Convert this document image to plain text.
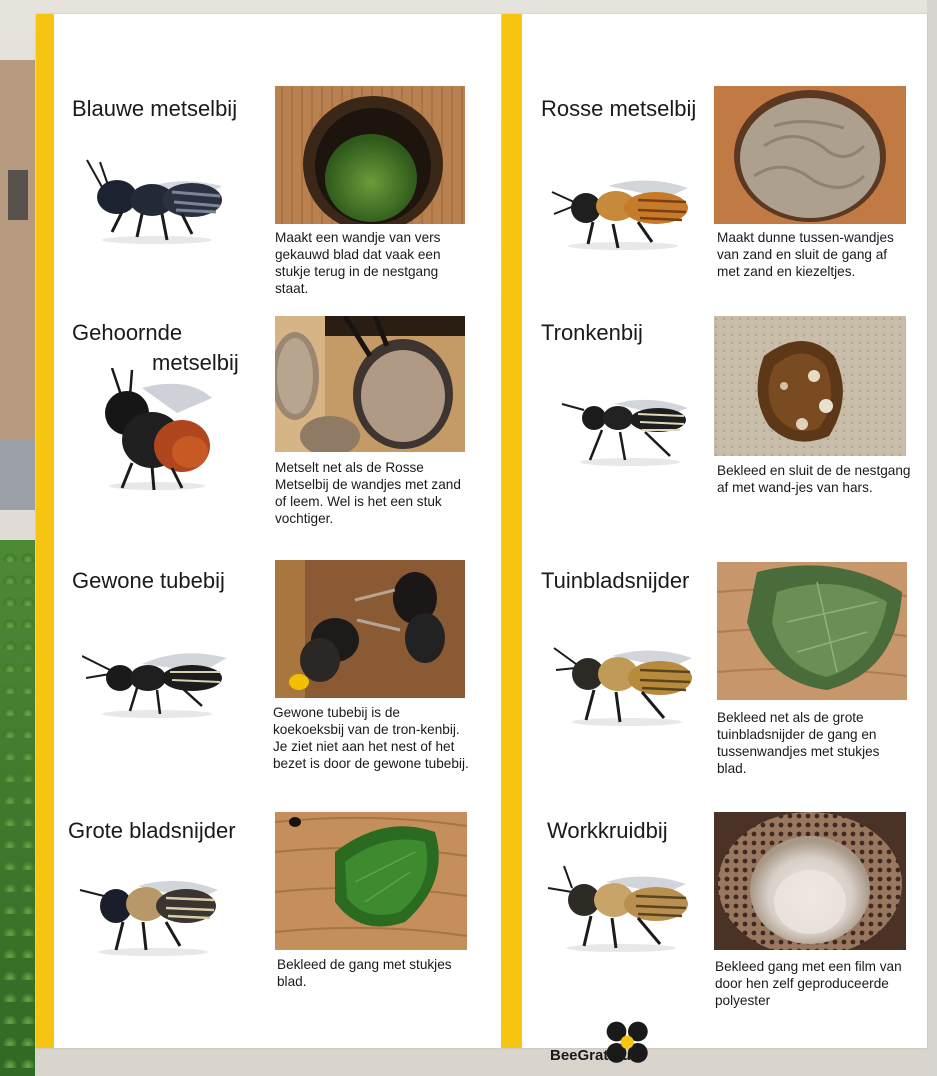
Blauwe metselbij

Maakt een wandje van vers gekauwd blad dat vaak een stukje terug in de nestgang staat.

Gehoornde

metselbij

Metselt net als de Rosse Metselbij de wandjes met zand of leem. Wel is het een stuk vochtiger.

Gewone tubebij

Gewone tubebij is de koekoeksbij van de tron-kenbij. Je ziet niet aan het nest of het bezet is door de gewone tubebij.

Grote bladsnijder

Bekleed de gang met stukjes blad.

Rosse metselbij

Maakt dunne tussen-wandjes van zand en sluit de gang af met zand en kiezeltjes.

Tronkenbij

Bekleed en sluit de de nestgang af met wand-jes van hars.

Tuinbladsnijder

Bekleed net als de grote tuinbladsnijder de gang en tussenwandjes met stukjes blad.

Workkruidbij

Bekleed gang met een film van door hen zelf geproduceerde polyester

BeeGrateful.
